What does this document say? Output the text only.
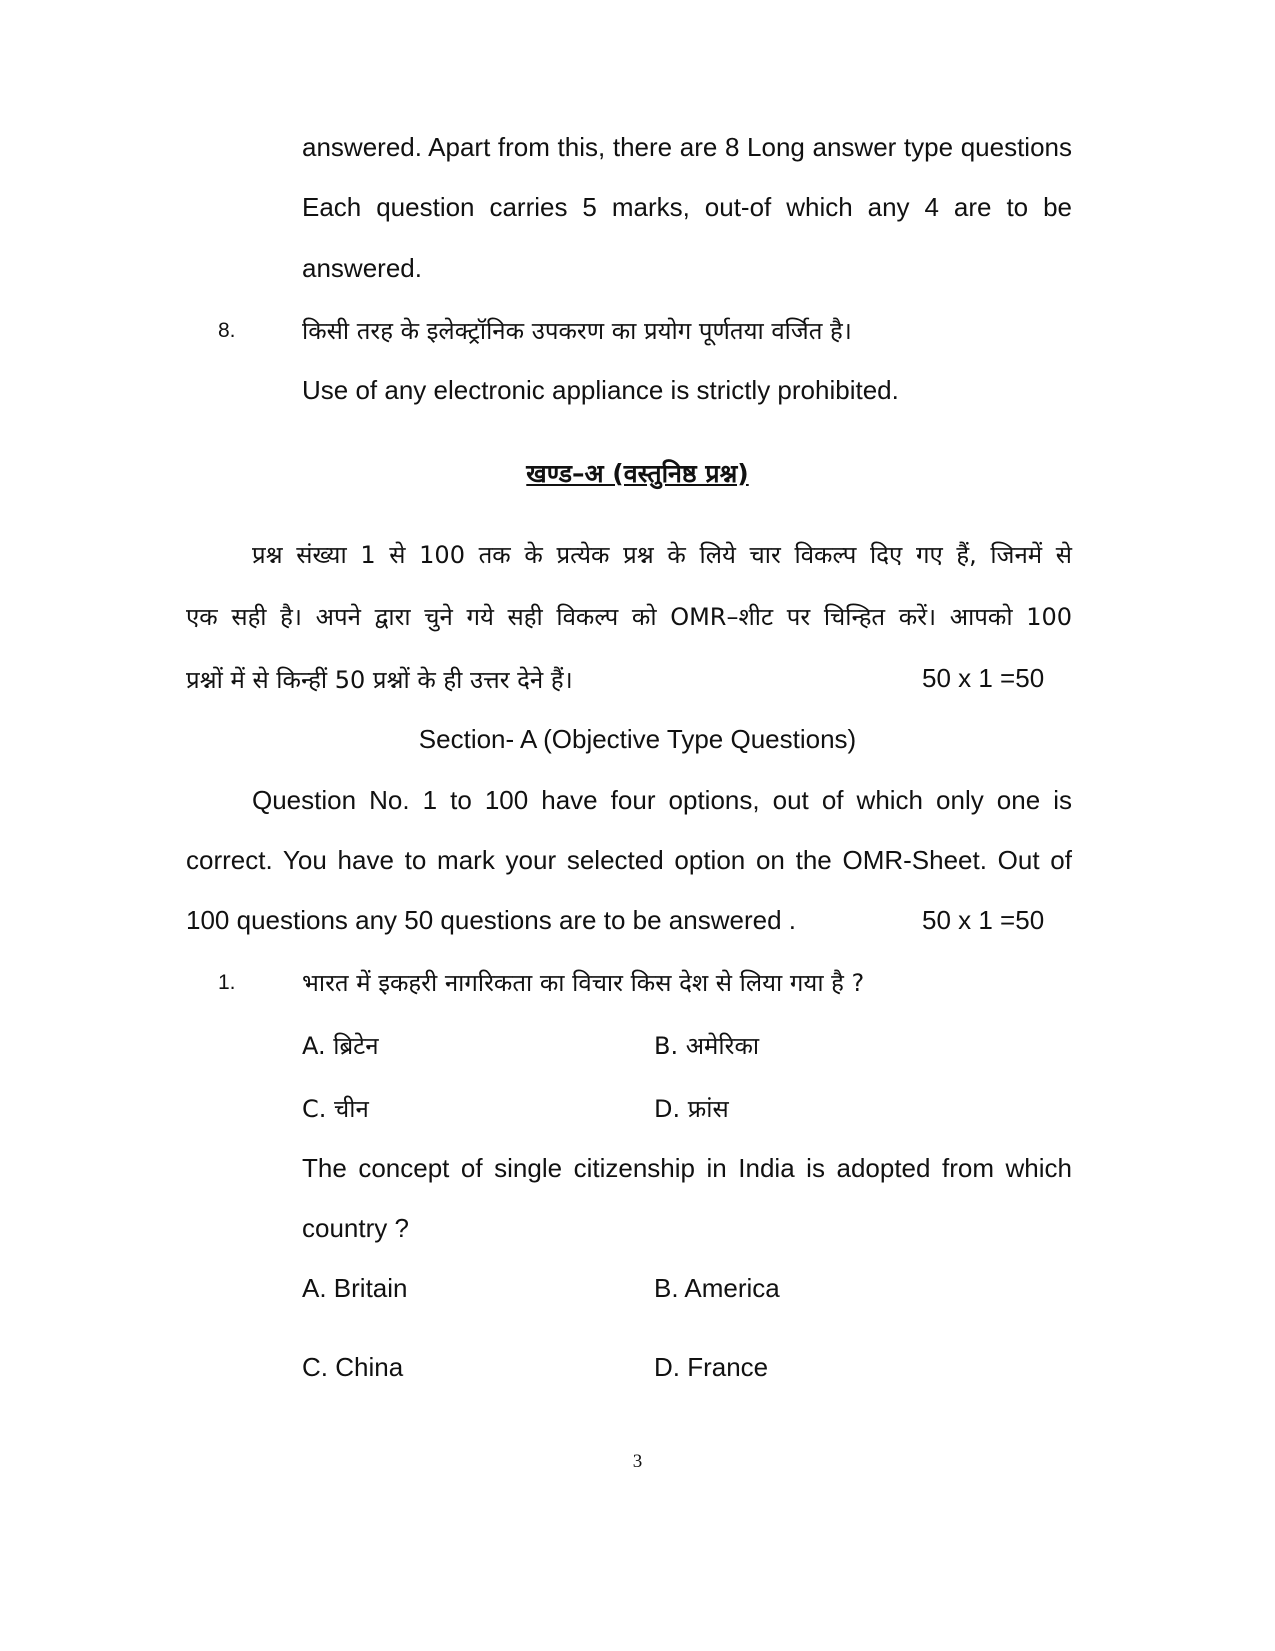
answered. Apart from this, there are 8 Long answer type questions

Each question carries 5 marks, out-of which any 4 are to be

answered.

8.	किसी तरह के इलेक्ट्रॉनिक उपकरण का प्रयोग पूर्णतया वर्जित है।

Use of any electronic appliance is strictly prohibited.

खण्ड–अ (वस्तुनिष्ठ प्रश्न)

प्रश्न संख्या 1 से 100 तक के प्रत्येक प्रश्न के लिये चार विकल्प दिए गए हैं, जिनमें से

एक सही है। अपने द्वारा चुने गये सही विकल्प को OMR–शीट पर चिन्हित करें। आपको 100

प्रश्नों में से किन्हीं 50 प्रश्नों के ही उत्तर देने हैं।	50 x 1 =50

Section- A (Objective Type Questions)

Question No. 1 to 100 have four options, out of which only one is

correct. You have to mark your selected option on the OMR-Sheet. Out of

100 questions any 50 questions are to be answered .	50 x 1 =50

1.	भारत में इकहरी नागरिकता का विचार किस देश से लिया गया है ?

A. ब्रिटेन	B. अमेरिका

C. चीन	D. फ्रांस

The concept of single citizenship in India is adopted from which

country ?

A. Britain	B. America

C. China	D. France

3
